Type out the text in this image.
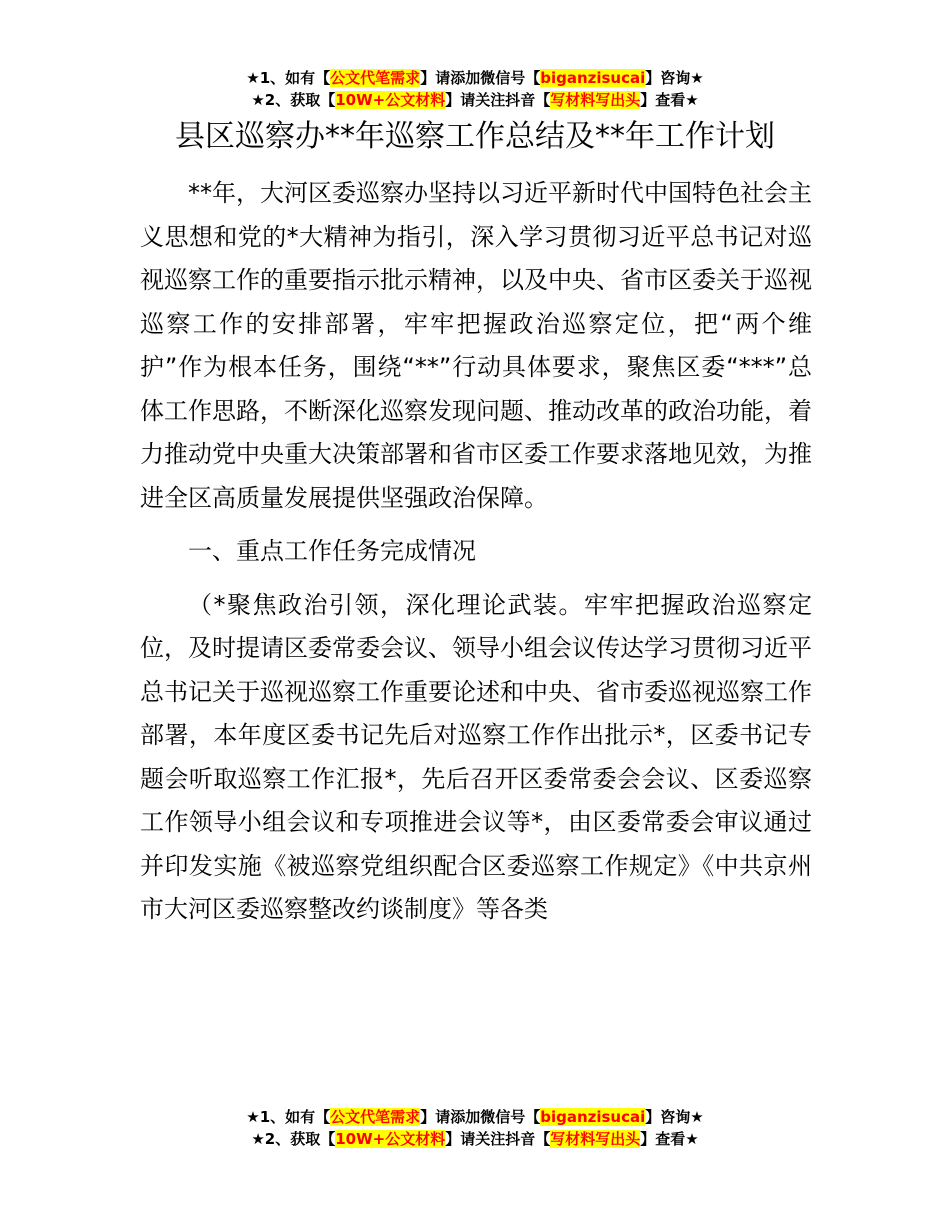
★1、如有【公文代笔需求】请添加微信号【biganzisucai】咨询★
★2、获取【10W+公文材料】请关注抖音【写材料写出头】查看★
县区巡察办**年巡察工作总结及**年工作计划

**年，大河区委巡察办坚持以习近平新时代中国特色社会主义思想和党的*大精神为指引，深入学习贯彻习近平总书记对巡视巡察工作的重要指示批示精神，以及中央、省市区委关于巡视巡察工作的安排部署，牢牢把握政治巡察定位，把“两个维护”作为根本任务，围绕“**”行动具体要求，聚焦区委“***”总体工作思路，不断深化巡察发现问题、推动改革的政治功能，着力推动党中央重大决策部署和省市区委工作要求落地见效，为推进全区高质量发展提供坚强政治保障。

一、重点工作任务完成情况

（*聚焦政治引领，深化理论武装。牢牢把握政治巡察定位，及时提请区委常委会议、领导小组会议传达学习贯彻习近平总书记关于巡视巡察工作重要论述和中央、省市委巡视巡察工作部署，本年度区委书记先后对巡察工作作出批示*，区委书记专题会听取巡察工作汇报*，先后召开区委常委会会议、区委巡察工作领导小组会议和专项推进会议等*，由区委常委会审议通过并印发实施《被巡察党组织配合区委巡察工作规定》《中共京州市大河区委巡察整改约谈制度》等各类

★1、如有【公文代笔需求】请添加微信号【biganzisucai】咨询★
★2、获取【10W+公文材料】请关注抖音【写材料写出头】查看★
